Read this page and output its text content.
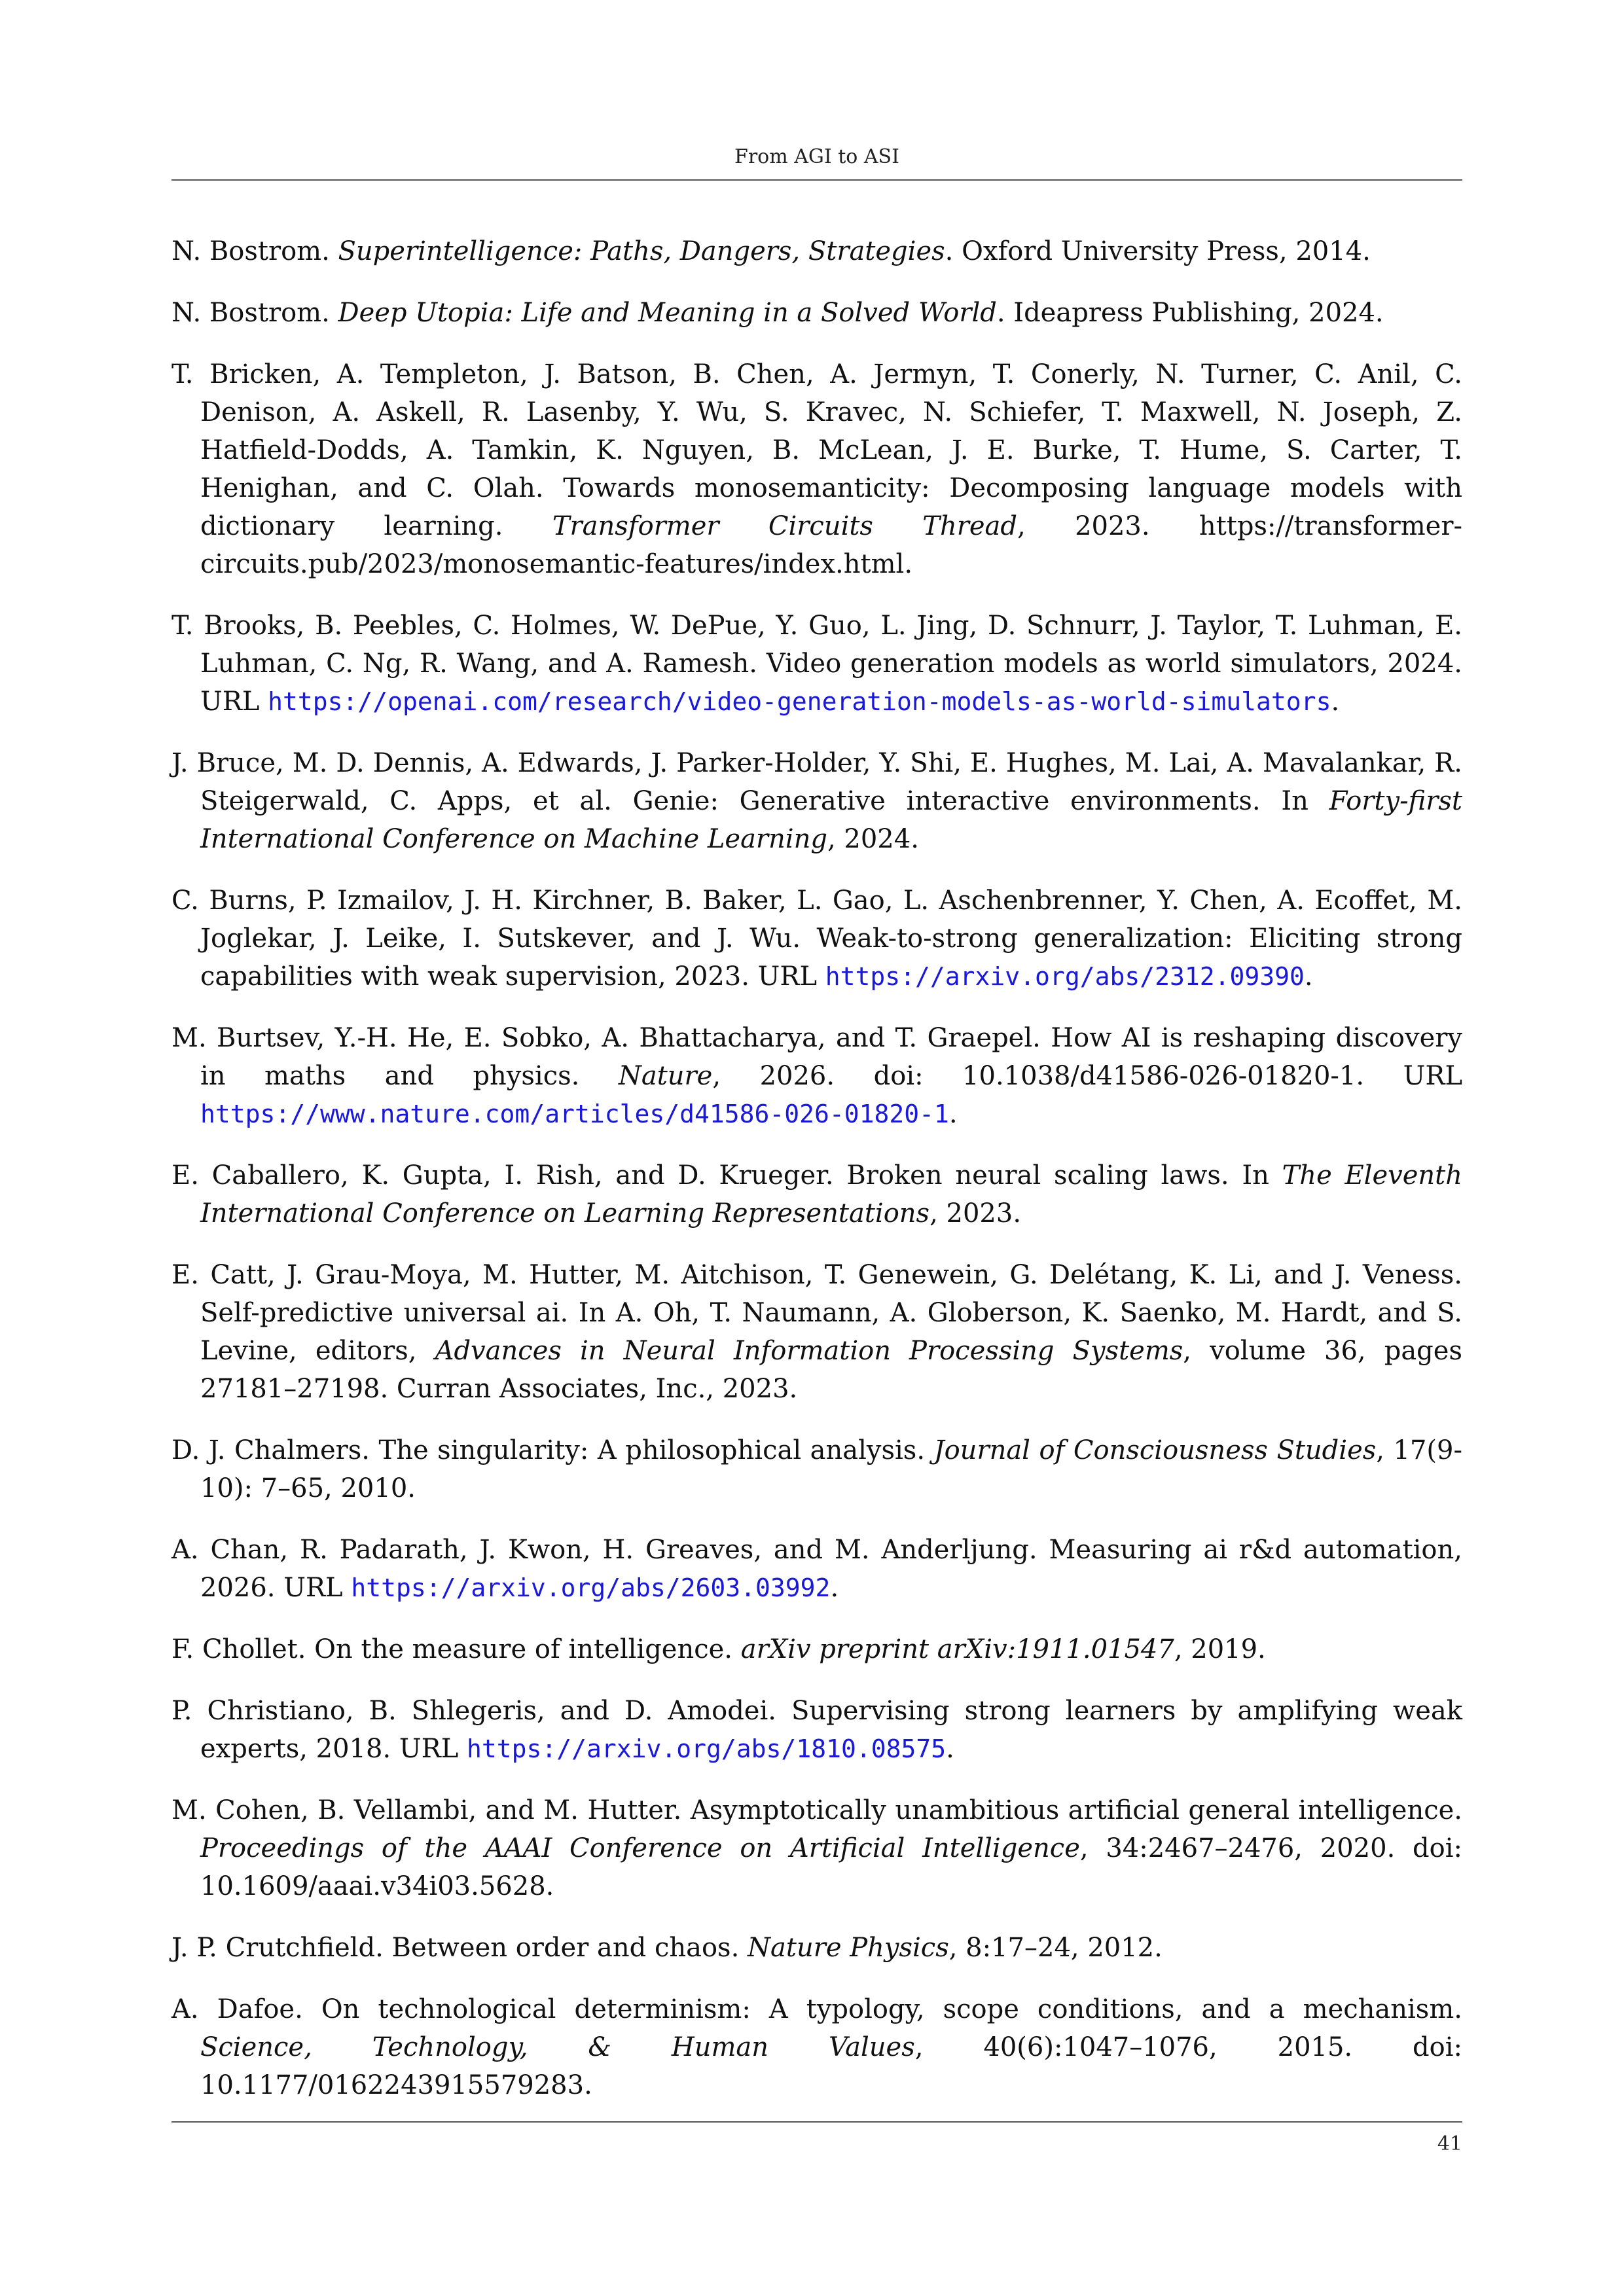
From AGI to ASI

N. Bostrom. Superintelligence: Paths, Dangers, Strategies. Oxford University Press, 2014.

N. Bostrom. Deep Utopia: Life and Meaning in a Solved World. Ideapress Publishing, 2024.

T. Bricken, A. Templeton, J. Batson, B. Chen, A. Jermyn, T. Conerly, N. Turner, C. Anil, C. Denison, A. Askell, R. Lasenby, Y. Wu, S. Kravec, N. Schiefer, T. Maxwell, N. Joseph, Z. Hatfield-Dodds, A. Tamkin, K. Nguyen, B. McLean, J. E. Burke, T. Hume, S. Carter, T. Henighan, and C. Olah. Towards monosemanticity: Decomposing language models with dictionary learning. Transformer Circuits Thread, 2023. https://transformer-circuits.pub/2023/monosemantic-features/index.html.

T. Brooks, B. Peebles, C. Holmes, W. DePue, Y. Guo, L. Jing, D. Schnurr, J. Taylor, T. Luhman, E. Luhman, C. Ng, R. Wang, and A. Ramesh. Video generation models as world simulators, 2024. URL https://openai.com/research/video-generation-models-as-world-simulators.

J. Bruce, M. D. Dennis, A. Edwards, J. Parker-Holder, Y. Shi, E. Hughes, M. Lai, A. Mavalankar, R. Steigerwald, C. Apps, et al. Genie: Generative interactive environments. In Forty-first International Conference on Machine Learning, 2024.

C. Burns, P. Izmailov, J. H. Kirchner, B. Baker, L. Gao, L. Aschenbrenner, Y. Chen, A. Ecoffet, M. Joglekar, J. Leike, I. Sutskever, and J. Wu. Weak-to-strong generalization: Eliciting strong capabilities with weak supervision, 2023. URL https://arxiv.org/abs/2312.09390.

M. Burtsev, Y.-H. He, E. Sobko, A. Bhattacharya, and T. Graepel. How AI is reshaping discovery in maths and physics. Nature, 2026. doi: 10.1038/d41586-026-01820-1. URL https://www.nature.com/articles/d41586-026-01820-1.

E. Caballero, K. Gupta, I. Rish, and D. Krueger. Broken neural scaling laws. In The Eleventh International Conference on Learning Representations, 2023.

E. Catt, J. Grau-Moya, M. Hutter, M. Aitchison, T. Genewein, G. Delétang, K. Li, and J. Veness. Self-predictive universal ai. In A. Oh, T. Naumann, A. Globerson, K. Saenko, M. Hardt, and S. Levine, editors, Advances in Neural Information Processing Systems, volume 36, pages 27181–27198. Curran Associates, Inc., 2023.

D. J. Chalmers. The singularity: A philosophical analysis. Journal of Consciousness Studies, 17(9-10): 7–65, 2010.

A. Chan, R. Padarath, J. Kwon, H. Greaves, and M. Anderljung. Measuring ai r&d automation, 2026. URL https://arxiv.org/abs/2603.03992.

F. Chollet. On the measure of intelligence. arXiv preprint arXiv:1911.01547, 2019.

P. Christiano, B. Shlegeris, and D. Amodei. Supervising strong learners by amplifying weak experts, 2018. URL https://arxiv.org/abs/1810.08575.

M. Cohen, B. Vellambi, and M. Hutter. Asymptotically unambitious artificial general intelligence. Proceedings of the AAAI Conference on Artificial Intelligence, 34:2467–2476, 2020. doi: 10.1609/aaai.v34i03.5628.

J. P. Crutchfield. Between order and chaos. Nature Physics, 8:17–24, 2012.

A. Dafoe. On technological determinism: A typology, scope conditions, and a mechanism. Science, Technology, & Human Values, 40(6):1047–1076, 2015. doi: 10.1177/0162243915579283.

41
